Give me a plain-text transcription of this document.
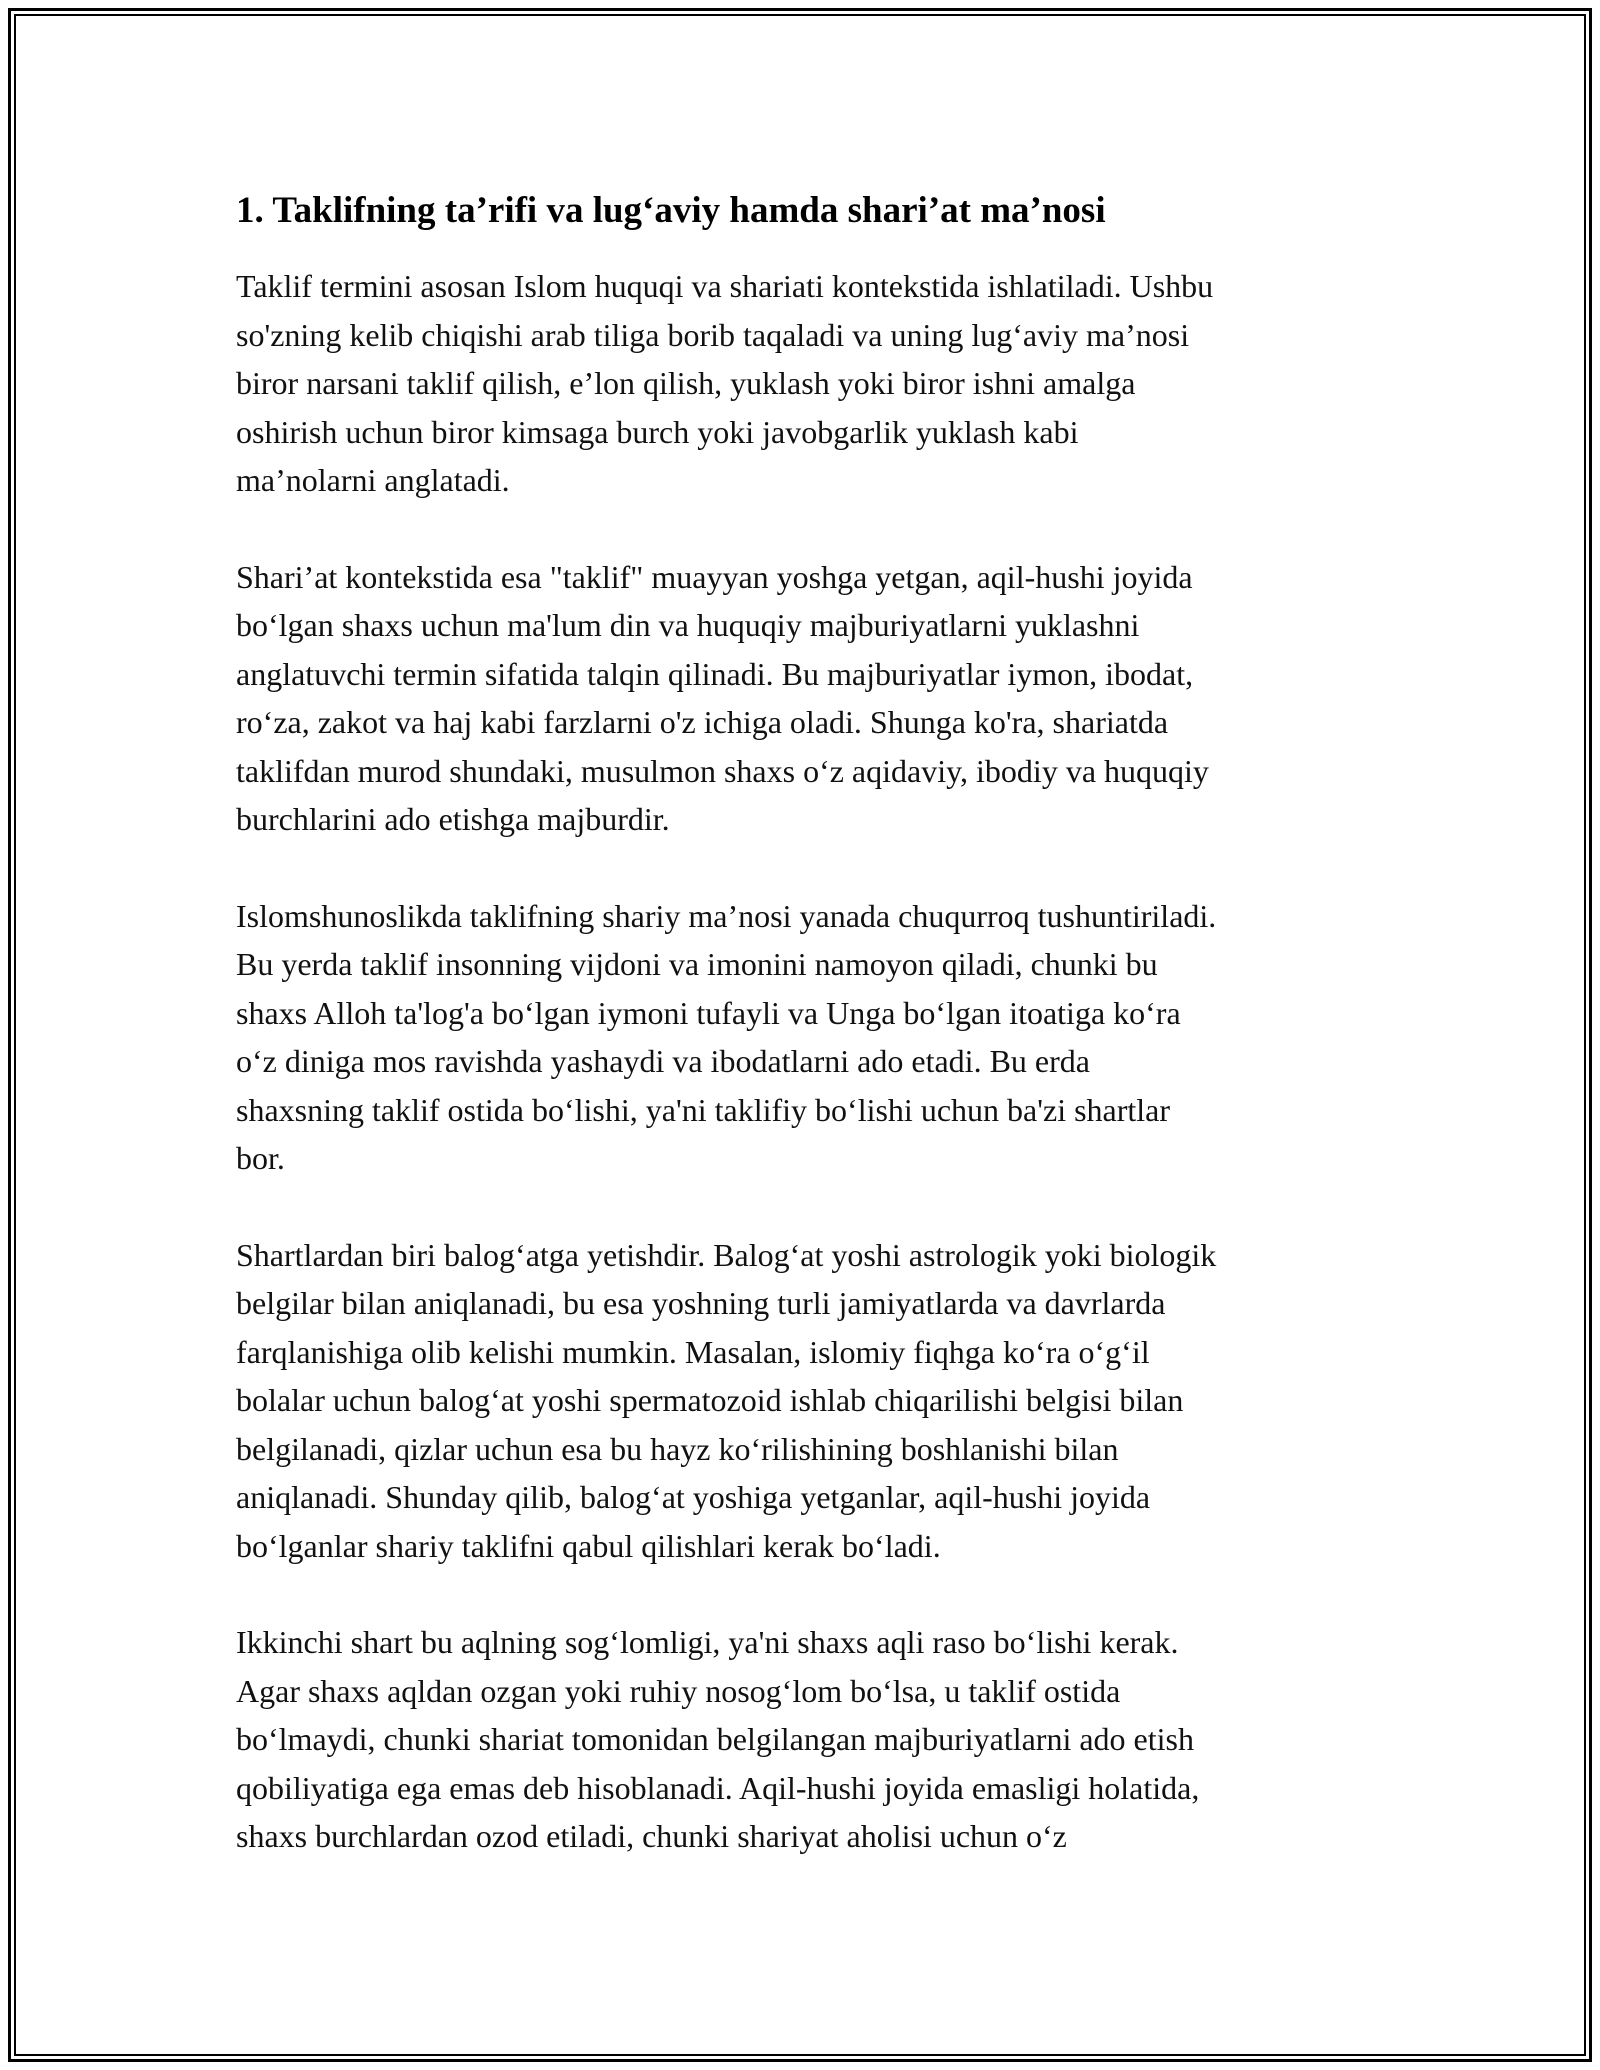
1. Taklifning ta’rifi va lug‘aviy hamda shari’at ma’nosi

Taklif termini asosan Islom huquqi va shariati kontekstida ishlatiladi. Ushbu
so'zning kelib chiqishi arab tiliga borib taqaladi va uning lug‘aviy ma’nosi
biror narsani taklif qilish, e’lon qilish, yuklash yoki biror ishni amalga
oshirish uchun biror kimsaga burch yoki javobgarlik yuklash kabi
ma’nolarni anglatadi.

Shari’at kontekstida esa "taklif" muayyan yoshga yetgan, aqil-hushi joyida
bo‘lgan shaxs uchun ma'lum din va huquqiy majburiyatlarni yuklashni
anglatuvchi termin sifatida talqin qilinadi. Bu majburiyatlar iymon, ibodat,
ro‘za, zakot va haj kabi farzlarni o'z ichiga oladi. Shunga ko'ra, shariatda
taklifdan murod shundaki, musulmon shaxs o‘z aqidaviy, ibodiy va huquqiy
burchlarini ado etishga majburdir.

Islomshunoslikda taklifning shariy ma’nosi yanada chuqurroq tushuntiriladi.
Bu yerda taklif insonning vijdoni va imonini namoyon qiladi, chunki bu
shaxs Alloh ta'log'a bo‘lgan iymoni tufayli va Unga bo‘lgan itoatiga ko‘ra
o‘z diniga mos ravishda yashaydi va ibodatlarni ado etadi. Bu erda
shaxsning taklif ostida bo‘lishi, ya'ni taklifiy bo‘lishi uchun ba'zi shartlar
bor.

Shartlardan biri balog‘atga yetishdir. Balog‘at yoshi astrologik yoki biologik
belgilar bilan aniqlanadi, bu esa yoshning turli jamiyatlarda va davrlarda
farqlanishiga olib kelishi mumkin. Masalan, islomiy fiqhga ko‘ra o‘g‘il
bolalar uchun balog‘at yoshi spermatozoid ishlab chiqarilishi belgisi bilan
belgilanadi, qizlar uchun esa bu hayz ko‘rilishining boshlanishi bilan
aniqlanadi. Shunday qilib, balog‘at yoshiga yetganlar, aqil-hushi joyida
bo‘lganlar shariy taklifni qabul qilishlari kerak bo‘ladi.

Ikkinchi shart bu aqlning sog‘lomligi, ya'ni shaxs aqli raso bo‘lishi kerak.
Agar shaxs aqldan ozgan yoki ruhiy nosog‘lom bo‘lsa, u taklif ostida
bo‘lmaydi, chunki shariat tomonidan belgilangan majburiyatlarni ado etish
qobiliyatiga ega emas deb hisoblanadi. Aqil-hushi joyida emasligi holatida,
shaxs burchlardan ozod etiladi, chunki shariyat aholisi uchun o‘z
